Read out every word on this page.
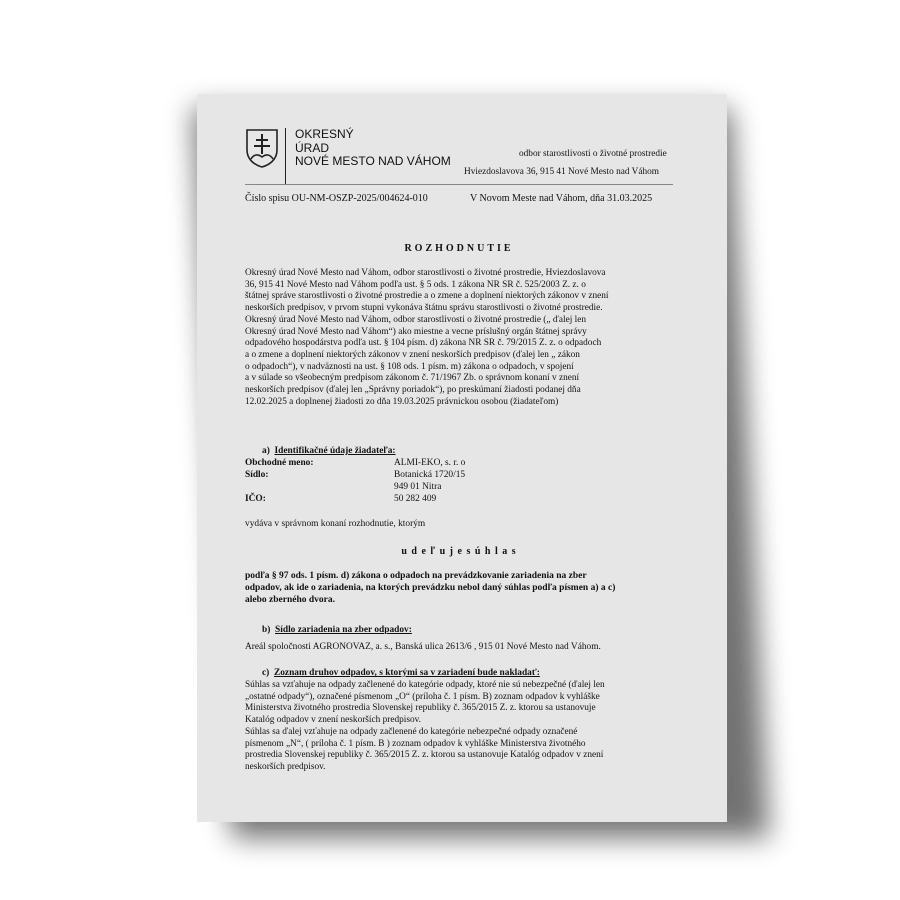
OKRESNÝ
ÚRAD
NOVÉ MESTO NAD VÁHOM	odbor starostlivosti o životné prostredie
Hviezdoslavova 36, 915 41 Nové Mesto nad Váhom
Číslo spisu OU-NM-OSZP-2025/004624-010	V Novom Meste nad Váhom, dňa 31.03.2025
ROZHODNUTIE
Okresný úrad Nové Mesto nad Váhom, odbor starostlivosti o životné prostredie, Hviezdoslavova
36, 915 41 Nové Mesto nad Váhom podľa ust. § 5 ods. 1 zákona NR SR č. 525/2003 Z. z. o
štátnej správe starostlivosti o životné prostredie a o zmene a doplnení niektorých zákonov v znení
neskorších predpisov, v prvom stupni vykonáva štátnu správu starostlivosti o životné prostredie.
Okresný úrad Nové Mesto nad Váhom, odbor starostlivosti o životné prostredie („ ďalej len
Okresný úrad Nové Mesto nad Váhom“) ako miestne a vecne príslušný orgán štátnej správy
odpadového hospodárstva podľa ust. § 104 písm. d) zákona NR SR č. 79/2015 Z. z. o odpadoch
a o zmene a doplnení niektorých zákonov v znení neskorších predpisov (ďalej len „ zákon
o odpadoch“), v nadväznosti na ust. § 108 ods. 1 písm. m) zákona o odpadoch, v spojení
a v súlade so všeobecným predpisom zákonom č. 71/1967 Zb. o správnom konaní v znení
neskorších predpisov (ďalej len „Správny poriadok“), po preskúmaní žiadosti podanej dňa
12.02.2025 a doplnenej žiadosti zo dňa 19.03.2025 právnickou osobou (žiadateľom)
a) Identifikačné údaje žiadateľa:
Obchodné meno:	ALMI-EKO, s. r. o
Sídlo:	Botanická 1720/15
949 01 Nitra
IČO:	50 282 409
vydáva v správnom konaní rozhodnutie, ktorým
u d e ľ u j e s ú h l a s
podľa § 97 ods. 1 písm. d) zákona o odpadoch na prevádzkovanie zariadenia na zber
odpadov, ak ide o zariadenia, na ktorých prevádzku nebol daný súhlas podľa písmen a) a c)
alebo zberného dvora.
b) Sídlo zariadenia na zber odpadov:
Areál spoločnosti AGRONOVAZ, a. s., Banská ulica 2613/6 , 915 01 Nové Mesto nad Váhom.
c) Zoznam druhov odpadov, s ktorými sa v zariadení bude nakladať:
Súhlas sa vzťahuje na odpady začlenené do kategórie odpady, ktoré nie sú nebezpečné (ďalej len
„ostatné odpady“), označené písmenom „O“ (príloha č. 1 písm. B) zoznam odpadov k vyhláške
Ministerstva životného prostredia Slovenskej republiky č. 365/2015 Z. z. ktorou sa ustanovuje
Katalóg odpadov v znení neskorších predpisov.
Súhlas sa ďalej vzťahuje na odpady začlenené do kategórie nebezpečné odpady označené
písmenom „N“, ( príloha č. 1 písm. B ) zoznam odpadov k vyhláške Ministerstva životného
prostredia Slovenskej republiky č. 365/2015 Z. z. ktorou sa ustanovuje Katalóg odpadov v znení
neskorších predpisov.
